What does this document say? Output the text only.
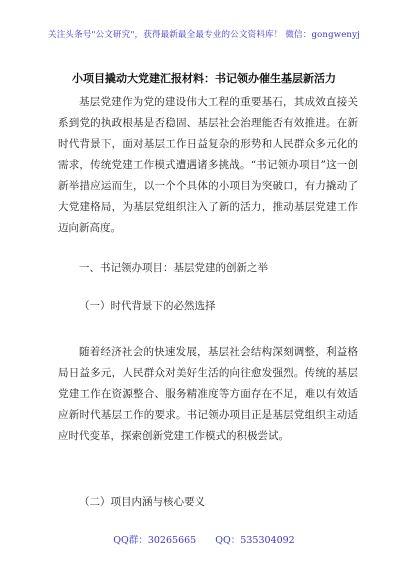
关注头条号"公文研究"，获得最新最全最专业的公文资料库！ 微信：gongwenyj
小项目撬动大党建汇报材料：书记领办催生基层新活力

基层党建作为党的建设伟大工程的重要基石，其成效直接关系到党的执政根基是否稳固、基层社会治理能否有效推进。在新时代背景下，面对基层工作日益复杂的形势和人民群众多元化的需求，传统党建工作模式遭遇诸多挑战。“书记领办项目”这一创新举措应运而生，以一个个具体的小项目为突破口，有力撬动了大党建格局，为基层党组织注入了新的活力，推动基层党建工作迈向新高度。

一、书记领办项目：基层党建的创新之举

（一）时代背景下的必然选择

随着经济社会的快速发展，基层社会结构深刻调整，利益格局日益多元，人民群众对美好生活的向往愈发强烈。传统的基层党建工作在资源整合、服务精准度等方面存在不足，难以有效适应新时代基层工作的要求。书记领办项目正是基层党组织主动适应时代变革，探索创新党建工作模式的积极尝试。

（二）项目内涵与核心要义

QQ群：30265665 QQ：535304092
